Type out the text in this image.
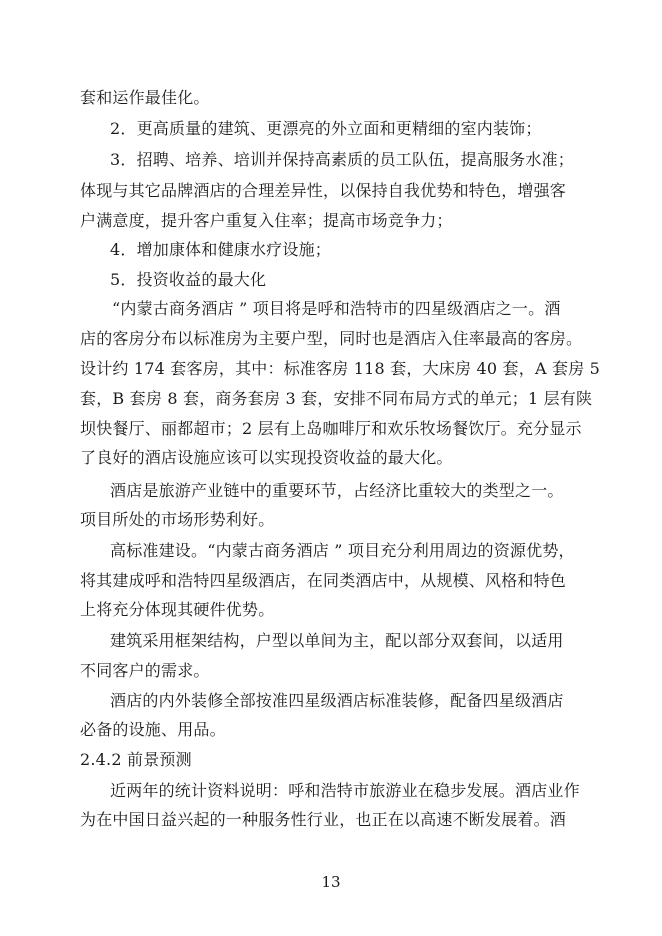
套和运作最佳化。
2．更高质量的建筑、更漂亮的外立面和更精细的室内装饰；
3．招聘、培养、培训并保持高素质的员工队伍，提高服务水准；
体现与其它品牌酒店的合理差异性，以保持自我优势和特色，增强客
户满意度，提升客户重复入住率；提高市场竞争力；
4．增加康体和健康水疗设施；
5．投资收益的最大化
“内蒙古商务酒店 ” 项目将是呼和浩特市的四星级酒店之一。酒
店的客房分布以标准房为主要户型，同时也是酒店入住率最高的客房。
设计约 174 套客房，其中：标准客房 118 套，大床房 40 套，A 套房 5
套，B 套房 8 套，商务套房 3 套，安排不同布局方式的单元；1 层有陕
坝快餐厅、丽都超市；2 层有上岛咖啡厅和欢乐牧场餐饮厅。充分显示
了良好的酒店设施应该可以实现投资收益的最大化。
酒店是旅游产业链中的重要环节，占经济比重较大的类型之一。
项目所处的市场形势利好。
高标准建设。“内蒙古商务酒店 ” 项目充分利用周边的资源优势，
将其建成呼和浩特四星级酒店，在同类酒店中，从规模、风格和特色
上将充分体现其硬件优势。
建筑采用框架结构，户型以单间为主，配以部分双套间，以适用
不同客户的需求。
酒店的内外装修全部按准四星级酒店标准装修，配备四星级酒店
必备的设施、用品。
2.4.2 前景预测
近两年的统计资料说明：呼和浩特市旅游业在稳步发展。酒店业作
为在中国日益兴起的一种服务性行业，也正在以高速不断发展着。酒
13
